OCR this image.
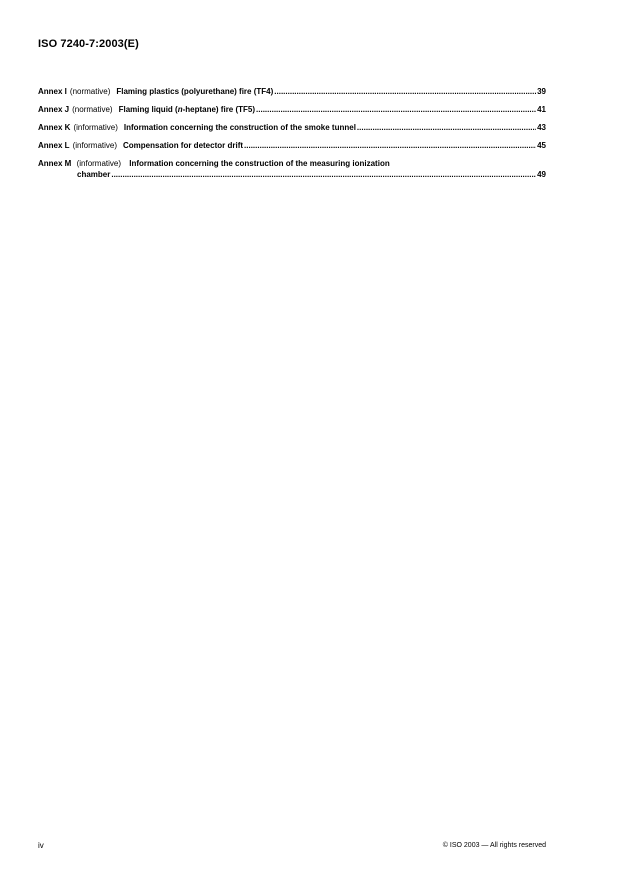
ISO 7240-7:2003(E)
Annex I (normative) Flaming plastics (polyurethane) fire (TF4) .....	39
Annex J (normative) Flaming liquid (n-heptane) fire (TF5) .....	41
Annex K (informative) Information concerning the construction of the smoke tunnel .....	43
Annex L (informative) Compensation for detector drift .....	45
Annex M (informative) Information concerning the construction of the measuring ionization
chamber .....	49
iv	© ISO 2003 — All rights reserved
